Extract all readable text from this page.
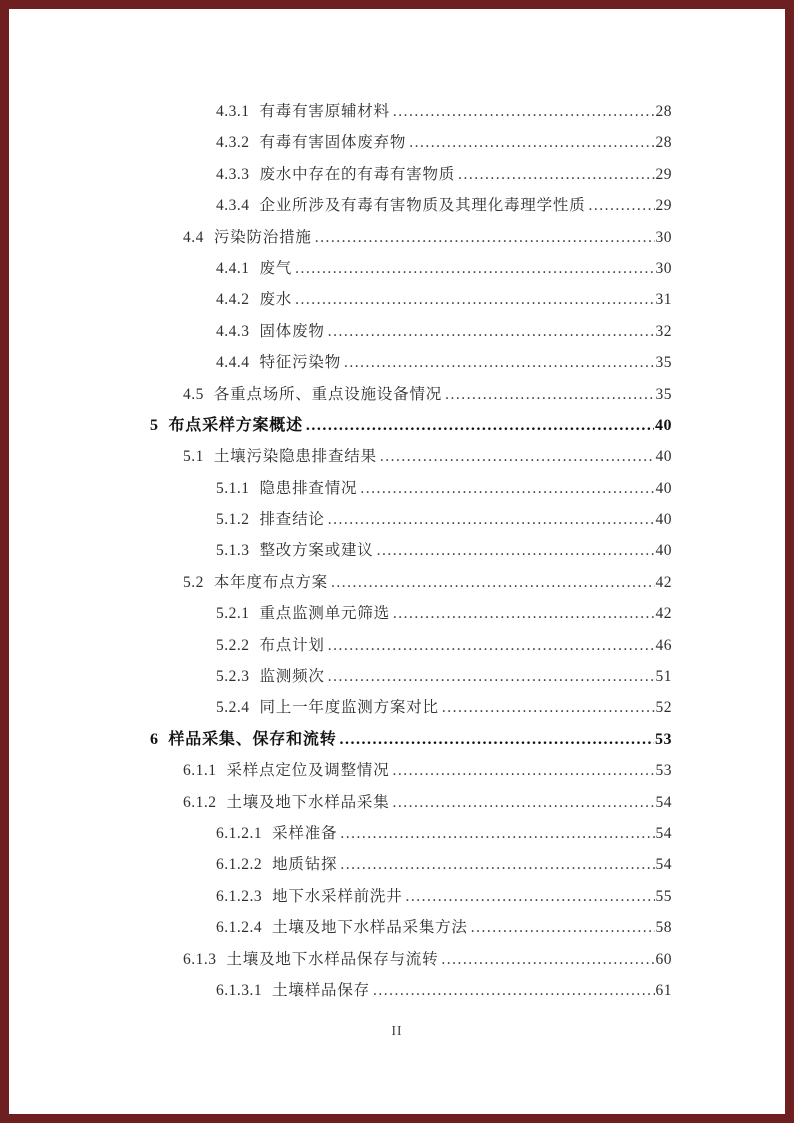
4.3.1 有毒有害原辅材料 .....	28
4.3.2 有毒有害固体废弃物 .....	28
4.3.3 废水中存在的有毒有害物质 .....	29
4.3.4 企业所涉及有毒有害物质及其理化毒理学性质 .....	29
4.4 污染防治措施 .....	30
4.4.1 废气 .....	30
4.4.2 废水 .....	31
4.4.3 固体废物 .....	32
4.4.4 特征污染物 .....	35
4.5 各重点场所、重点设施设备情况 .....	35
5 布点采样方案概述 .....	40
5.1 土壤污染隐患排查结果 .....	40
5.1.1 隐患排查情况 .....	40
5.1.2 排查结论 .....	40
5.1.3 整改方案或建议 .....	40
5.2 本年度布点方案 .....	42
5.2.1 重点监测单元筛选 .....	42
5.2.2 布点计划 .....	46
5.2.3 监测频次 .....	51
5.2.4 同上一年度监测方案对比 .....	52
6 样品采集、保存和流转 .....	53
6.1.1 采样点定位及调整情况 .....	53
6.1.2 土壤及地下水样品采集 .....	54
6.1.2.1 采样准备 .....	54
6.1.2.2 地质钻探 .....	54
6.1.2.3 地下水采样前洗井 .....	55
6.1.2.4 土壤及地下水样品采集方法 .....	58
6.1.3 土壤及地下水样品保存与流转 .....	60
6.1.3.1 土壤样品保存 .....	61
II
